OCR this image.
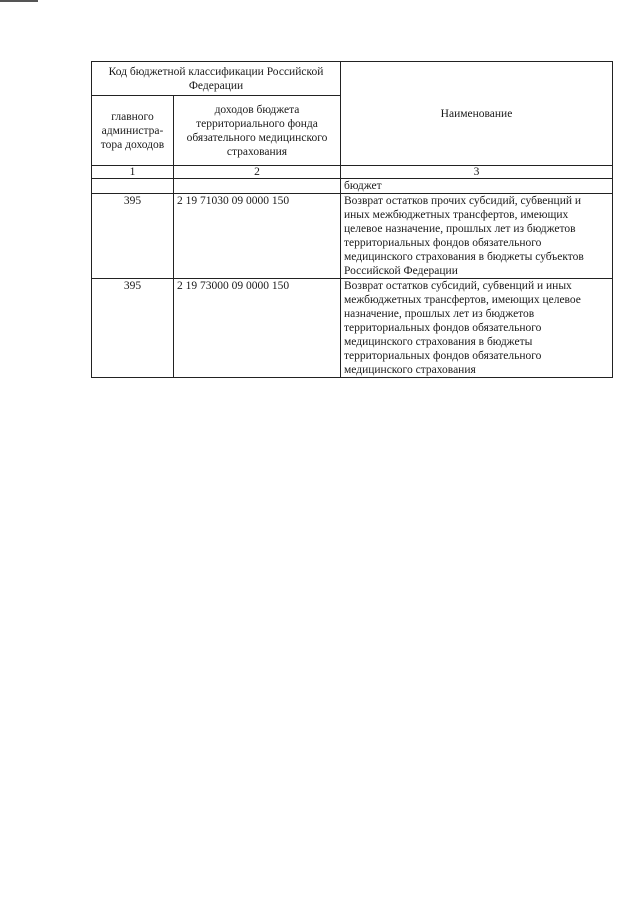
Код бюджетной классификации Российской Федерации		Наименование
главного администра-тора доходов	доходов бюджета территориального фонда обязательного медицинского страхования	
1	2	3
		бюджет
395	2 19 71030 09 0000 150	Возврат остатков прочих субсидий, субвенций и иных межбюджетных трансфертов, имеющих целевое назначение, прошлых лет из бюджетов территориальных фондов обязательного медицинского страхования в бюджеты субъектов Российской Федерации
395	2 19 73000 09 0000 150	Возврат остатков субсидий, субвенций и иных межбюджетных трансфертов, имеющих целевое назначение, прошлых лет из бюджетов территориальных фондов обязательного медицинского страхования в бюджеты территориальных фондов обязательного медицинского страхования
